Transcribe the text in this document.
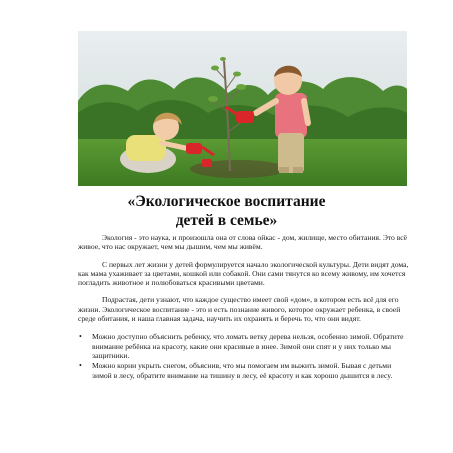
«Экологическое воспитание
детей в семье»

Экология - это наука, и произошла она от слова ойкас - дом, жилище, место обитания. Это всё живое, что нас окружает, чем мы дышим, чем мы живём.

С первых лет жизни у детей формулируется начало экологической культуры. Дети видят дома, как мама ухаживает за цветами, кошкой или собакой. Они сами тянутся ко всему живому, им хочется погладить животное и полюбоваться красивыми цветами.

Подрастая, дети узнают, что каждое существо имеет свой «дом», в котором есть всё для его жизни. Экологическое воспитание - это и есть познание живого, которое окружает ребенка, в своей среде обитания, и наша главная задача, научить их охранять и беречь то, что они видят.

• Можно доступно объяснить ребенку, что ломать ветку дерева нельзя, особенно зимой. Обратите внимание ребёнка на красоту, какие они красивые в инее. Зимой они спят и у них только мы защитники.
• Можно корни укрыть снегом, объяснив, что мы помогаем им выжить зимой. Бывая с детьми зимой в лесу, обратите внимание на тишину в лесу, её красоту и как хорошо дышится в лесу.
